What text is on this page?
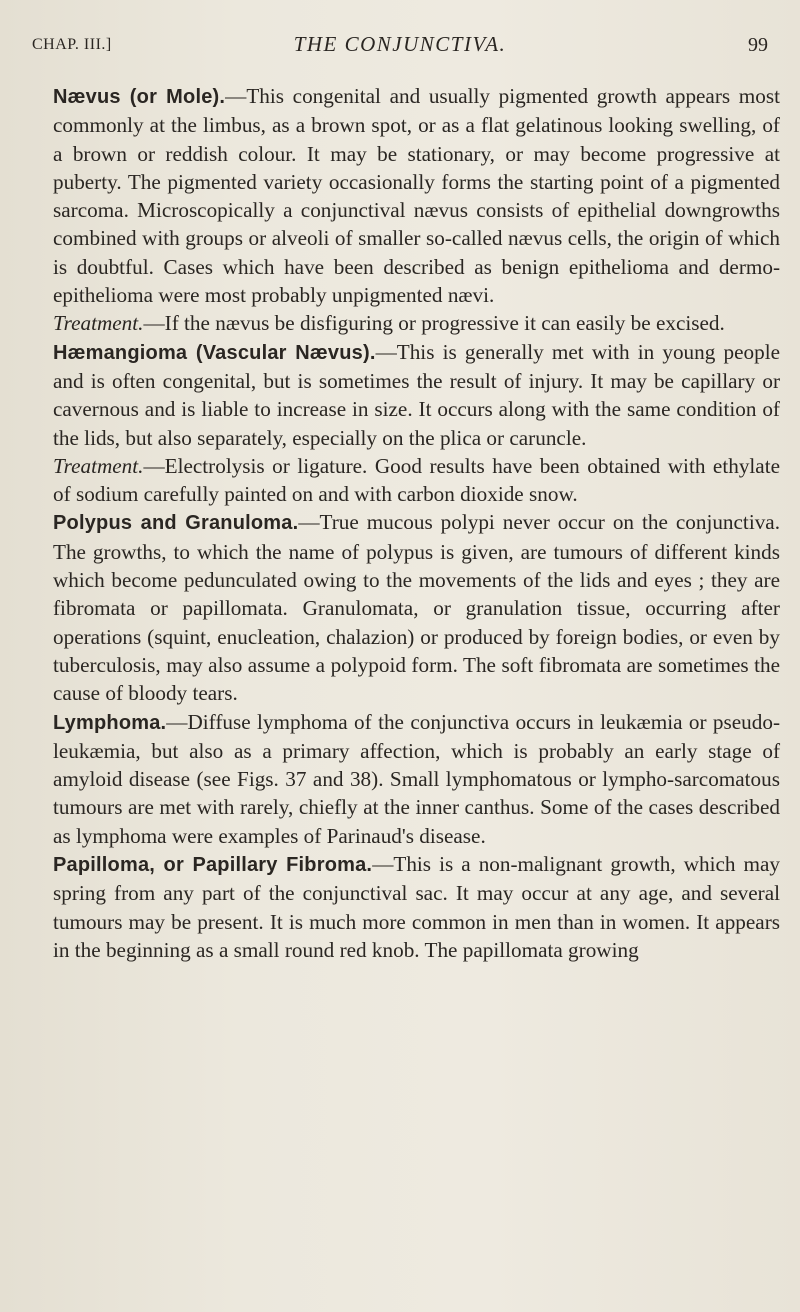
CHAP. III.]	THE CONJUNCTIVA.	99

Nævus (or Mole).—This congenital and usually pigmented growth appears most commonly at the limbus, as a brown spot, or as a flat gelatinous looking swelling, of a brown or reddish colour. It may be stationary, or may become progressive at puberty. The pigmented variety occasionally forms the starting point of a pigmented sarcoma. Microscopically a conjunctival nævus consists of epithelial downgrowths combined with groups or alveoli of smaller so-called nævus cells, the origin of which is doubtful. Cases which have been described as benign epithelioma and dermo-epithelioma were most probably unpigmented nævi.

Treatment.—If the nævus be disfiguring or progressive it can easily be excised.

Hæmangioma (Vascular Nævus).—This is generally met with in young people and is often congenital, but is sometimes the result of injury. It may be capillary or cavernous and is liable to increase in size. It occurs along with the same condition of the lids, but also separately, especially on the plica or caruncle.

Treatment.—Electrolysis or ligature. Good results have been obtained with ethylate of sodium carefully painted on and with carbon dioxide snow.

Polypus and Granuloma.—True mucous polypi never occur on the conjunctiva. The growths, to which the name of polypus is given, are tumours of different kinds which become pedunculated owing to the movements of the lids and eyes ; they are fibromata or papillomata. Granulomata, or granulation tissue, occurring after operations (squint, enucleation, chalazion) or produced by foreign bodies, or even by tuberculosis, may also assume a polypoid form. The soft fibromata are sometimes the cause of bloody tears.

Lymphoma.—Diffuse lymphoma of the conjunctiva occurs in leukæmia or pseudo-leukæmia, but also as a primary affection, which is probably an early stage of amyloid disease (see Figs. 37 and 38). Small lymphomatous or lympho-sarcomatous tumours are met with rarely, chiefly at the inner canthus. Some of the cases described as lymphoma were examples of Parinaud's disease.

Papilloma, or Papillary Fibroma.—This is a non-malignant growth, which may spring from any part of the conjunctival sac. It may occur at any age, and several tumours may be present. It is much more common in men than in women. It appears in the beginning as a small round red knob. The papillomata growing
